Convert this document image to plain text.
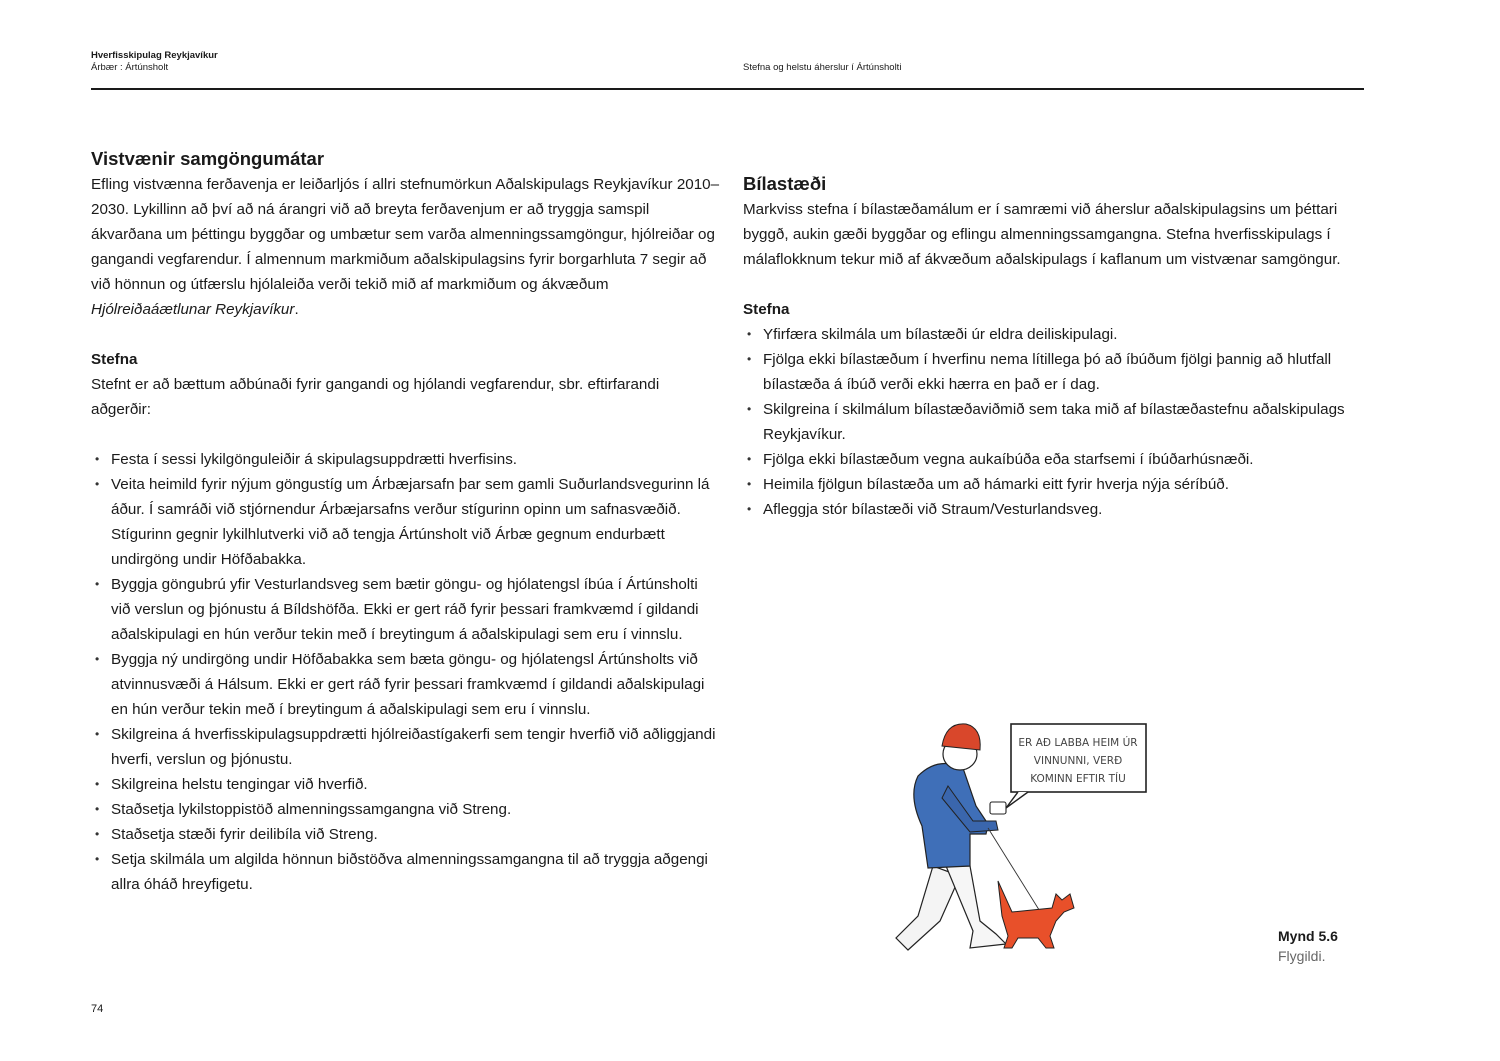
Hverfisskipulag Reykjavíkur
Árbær : Ártúnsholt	Stefna og helstu áherslur í Ártúnsholti
Vistvænir samgöngumátar

Efling vistvænna ferðavenja er leiðarljós í allri stefnumörkun Aðalskipulags Reykjavíkur 2010–2030. Lykillinn að því að ná árangri við að breyta ferðavenjum er að tryggja samspil ákvarðana um þéttingu byggðar og umbætur sem varða almenningssamgöngur, hjólreiðar og gangandi vegfarendur. Í almennum markmiðum aðalskipulagsins fyrir borgarhluta 7 segir að við hönnun og útfærslu hjólaleiða verði tekið mið af markmiðum og ákvæðum Hjólreiðaáætlunar Reykjavíkur.

Stefna

Stefnt er að bættum aðbúnaði fyrir gangandi og hjólandi vegfarendur, sbr. eftirfarandi aðgerðir:

• Festa í sessi lykilgönguleiðir á skipulagsuppdrætti hverfisins.
• Veita heimild fyrir nýjum göngustíg um Árbæjarsafn þar sem gamli Suðurlandsvegurinn lá áður. Í samráði við stjórnendur Árbæjarsafns verður stígurinn opinn um safnasvæðið. Stígurinn gegnir lykilhlutverki við að tengja Ártúnsholt við Árbæ gegnum endurbætt undirgöng undir Höfðabakka.
• Byggja göngubrú yfir Vesturlandsveg sem bætir göngu- og hjólatengsl íbúa í Ártúnsholti við verslun og þjónustu á Bíldshöfða. Ekki er gert ráð fyrir þessari framkvæmd í gildandi aðalskipulagi en hún verður tekin með í breytingum á aðalskipulagi sem eru í vinnslu.
• Byggja ný undirgöng undir Höfðabakka sem bæta göngu- og hjólatengsl Ártúnsholts við atvinnusvæði á Hálsum. Ekki er gert ráð fyrir þessari framkvæmd í gildandi aðalskipulagi en hún verður tekin með í breytingum á aðalskipulagi sem eru í vinnslu.
• Skilgreina á hverfisskipulagsuppdrætti hjólreiðastígakerfi sem tengir hverfið við aðliggjandi hverfi, verslun og þjónustu.
• Skilgreina helstu tengingar við hverfið.
• Staðsetja lykilstoppistöð almenningssamgangna við Streng.
• Staðsetja stæði fyrir deilibíla við Streng.
• Setja skilmála um algilda hönnun biðstöðva almenningssamgangna til að tryggja aðgengi allra óháð hreyfigetu.
Bílastæði

Markviss stefna í bílastæðamálum er í samræmi við áherslur aðalskipulagsins um þéttari byggð, aukin gæði byggðar og eflingu almenningssamgangna. Stefna hverfisskipulags í málaflokknum tekur mið af ákvæðum aðalskipulags í kaflanum um vistvænar samgöngur.

Stefna
• Yfirfæra skilmála um bílastæði úr eldra deiliskipulagi.
• Fjölga ekki bílastæðum í hverfinu nema lítillega þó að íbúðum fjölgi þannig að hlutfall bílastæða á íbúð verði ekki hærra en það er í dag.
• Skilgreina í skilmálum bílastæðaviðmið sem taka mið af bílastæðastefnu aðalskipulags Reykjavíkur.
• Fjölga ekki bílastæðum vegna aukaíbúða eða starfsemi í íbúðarhúsnæði.
• Heimila fjölgun bílastæða um að hámarki eitt fyrir hverja nýja séríbúð.
• Afleggja stór bílastæði við Straum/Vesturlandsveg.
ER AÐ LABBA HEIM ÚR
VINNUNNI, VERÐ
KOMINN EFTIR TÍU
Mynd 5.6
Flygildi.
74
